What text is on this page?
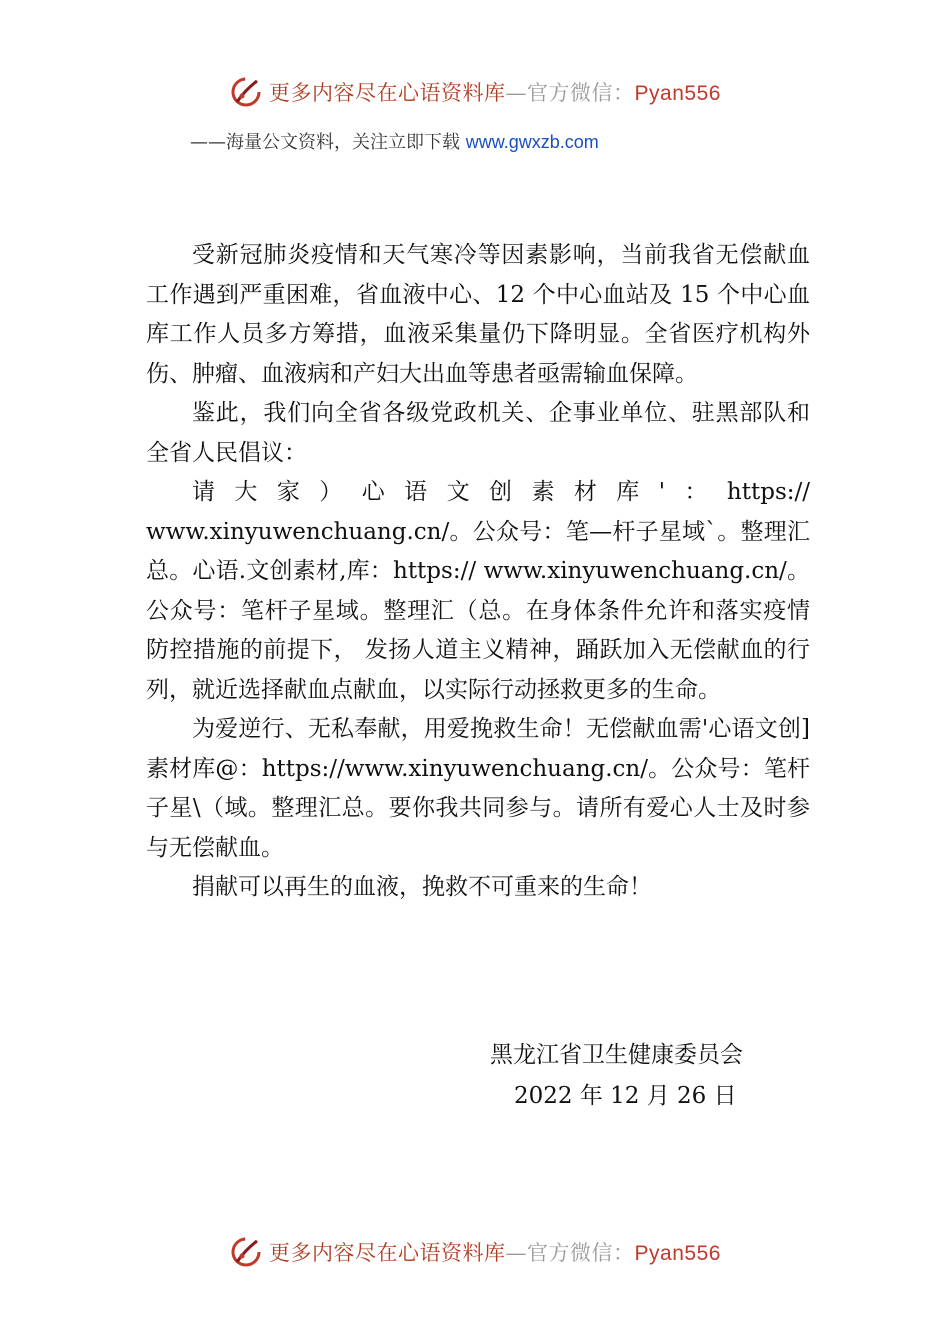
更多内容尽在心语资料库—官方微信：Pyan556
——海量公文资料，关注立即下载 www.gwxzb.com

受新冠肺炎疫情和天气寒冷等因素影响，当前我省无偿献血工作遇到严重困难，省血液中心、12 个中心血站及 15 个中心血库工作人员多方筹措，血液采集量仍下降明显。全省医疗机构外伤、肿瘤、血液病和产妇大出血等患者亟需输血保障。

鉴此，我们向全省各级党政机关、企事业单位、驻黑部队和全省人民倡议：

请大家）心语文创素材库'：https:// www.xinyuwenchuang.cn/。公众号：笔—杆子星域`。整理汇总。心语.文创素材,库：https:// www.xinyuwenchuang.cn/。公众号：笔杆子星域。整理汇（总。在身体条件允许和落实疫情防控措施的前提下， 发扬人道主义精神，踊跃加入无偿献血的行列，就近选择献血点献血，以实际行动拯救更多的生命。

为爱逆行、无私奉献，用爱挽救生命！无偿献血需'心语文创]素材库@：https://www.xinyuwenchuang.cn/。公众号：笔杆子星\（域。整理汇总。要你我共同参与。请所有爱心人士及时参与无偿献血。

捐献可以再生的血液，挽救不可重来的生命！

黑龙江省卫生健康委员会
2022 年 12 月 26 日
更多内容尽在心语资料库—官方微信：Pyan556
